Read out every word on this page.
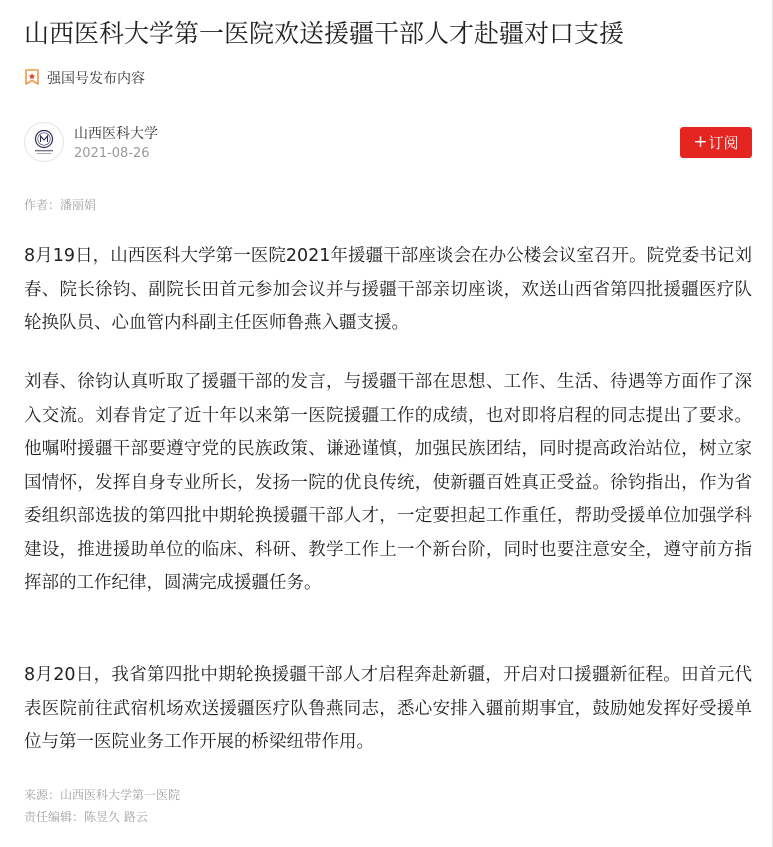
山西医科大学第一医院欢送援疆干部人才赴疆对口支援
强国号发布内容
山西医科大学
2021-08-26
+ 订阅
作者：潘丽娟

8月19日，山西医科大学第一医院2021年援疆干部座谈会在办公楼会议室召开。院党委书记刘春、院长徐钧、副院长田首元参加会议并与援疆干部亲切座谈，欢送山西省第四批援疆医疗队轮换队员、心血管内科副主任医师鲁燕入疆支援。

刘春、徐钧认真听取了援疆干部的发言，与援疆干部在思想、工作、生活、待遇等方面作了深入交流。刘春肯定了近十年以来第一医院援疆工作的成绩，也对即将启程的同志提出了要求。他嘱咐援疆干部要遵守党的民族政策、谦逊谨慎，加强民族团结，同时提高政治站位，树立家国情怀，发挥自身专业所长，发扬一院的优良传统，使新疆百姓真正受益。徐钧指出，作为省委组织部选拔的第四批中期轮换援疆干部人才，一定要担起工作重任，帮助受援单位加强学科建设，推进援助单位的临床、科研、教学工作上一个新台阶，同时也要注意安全，遵守前方指挥部的工作纪律，圆满完成援疆任务。

8月20日，我省第四批中期轮换援疆干部人才启程奔赴新疆，开启对口援疆新征程。田首元代表医院前往武宿机场欢送援疆医疗队鲁燕同志，悉心安排入疆前期事宜，鼓励她发挥好受援单位与第一医院业务工作开展的桥梁纽带作用。

来源：山西医科大学第一医院
责任编辑：陈昱久 路云
